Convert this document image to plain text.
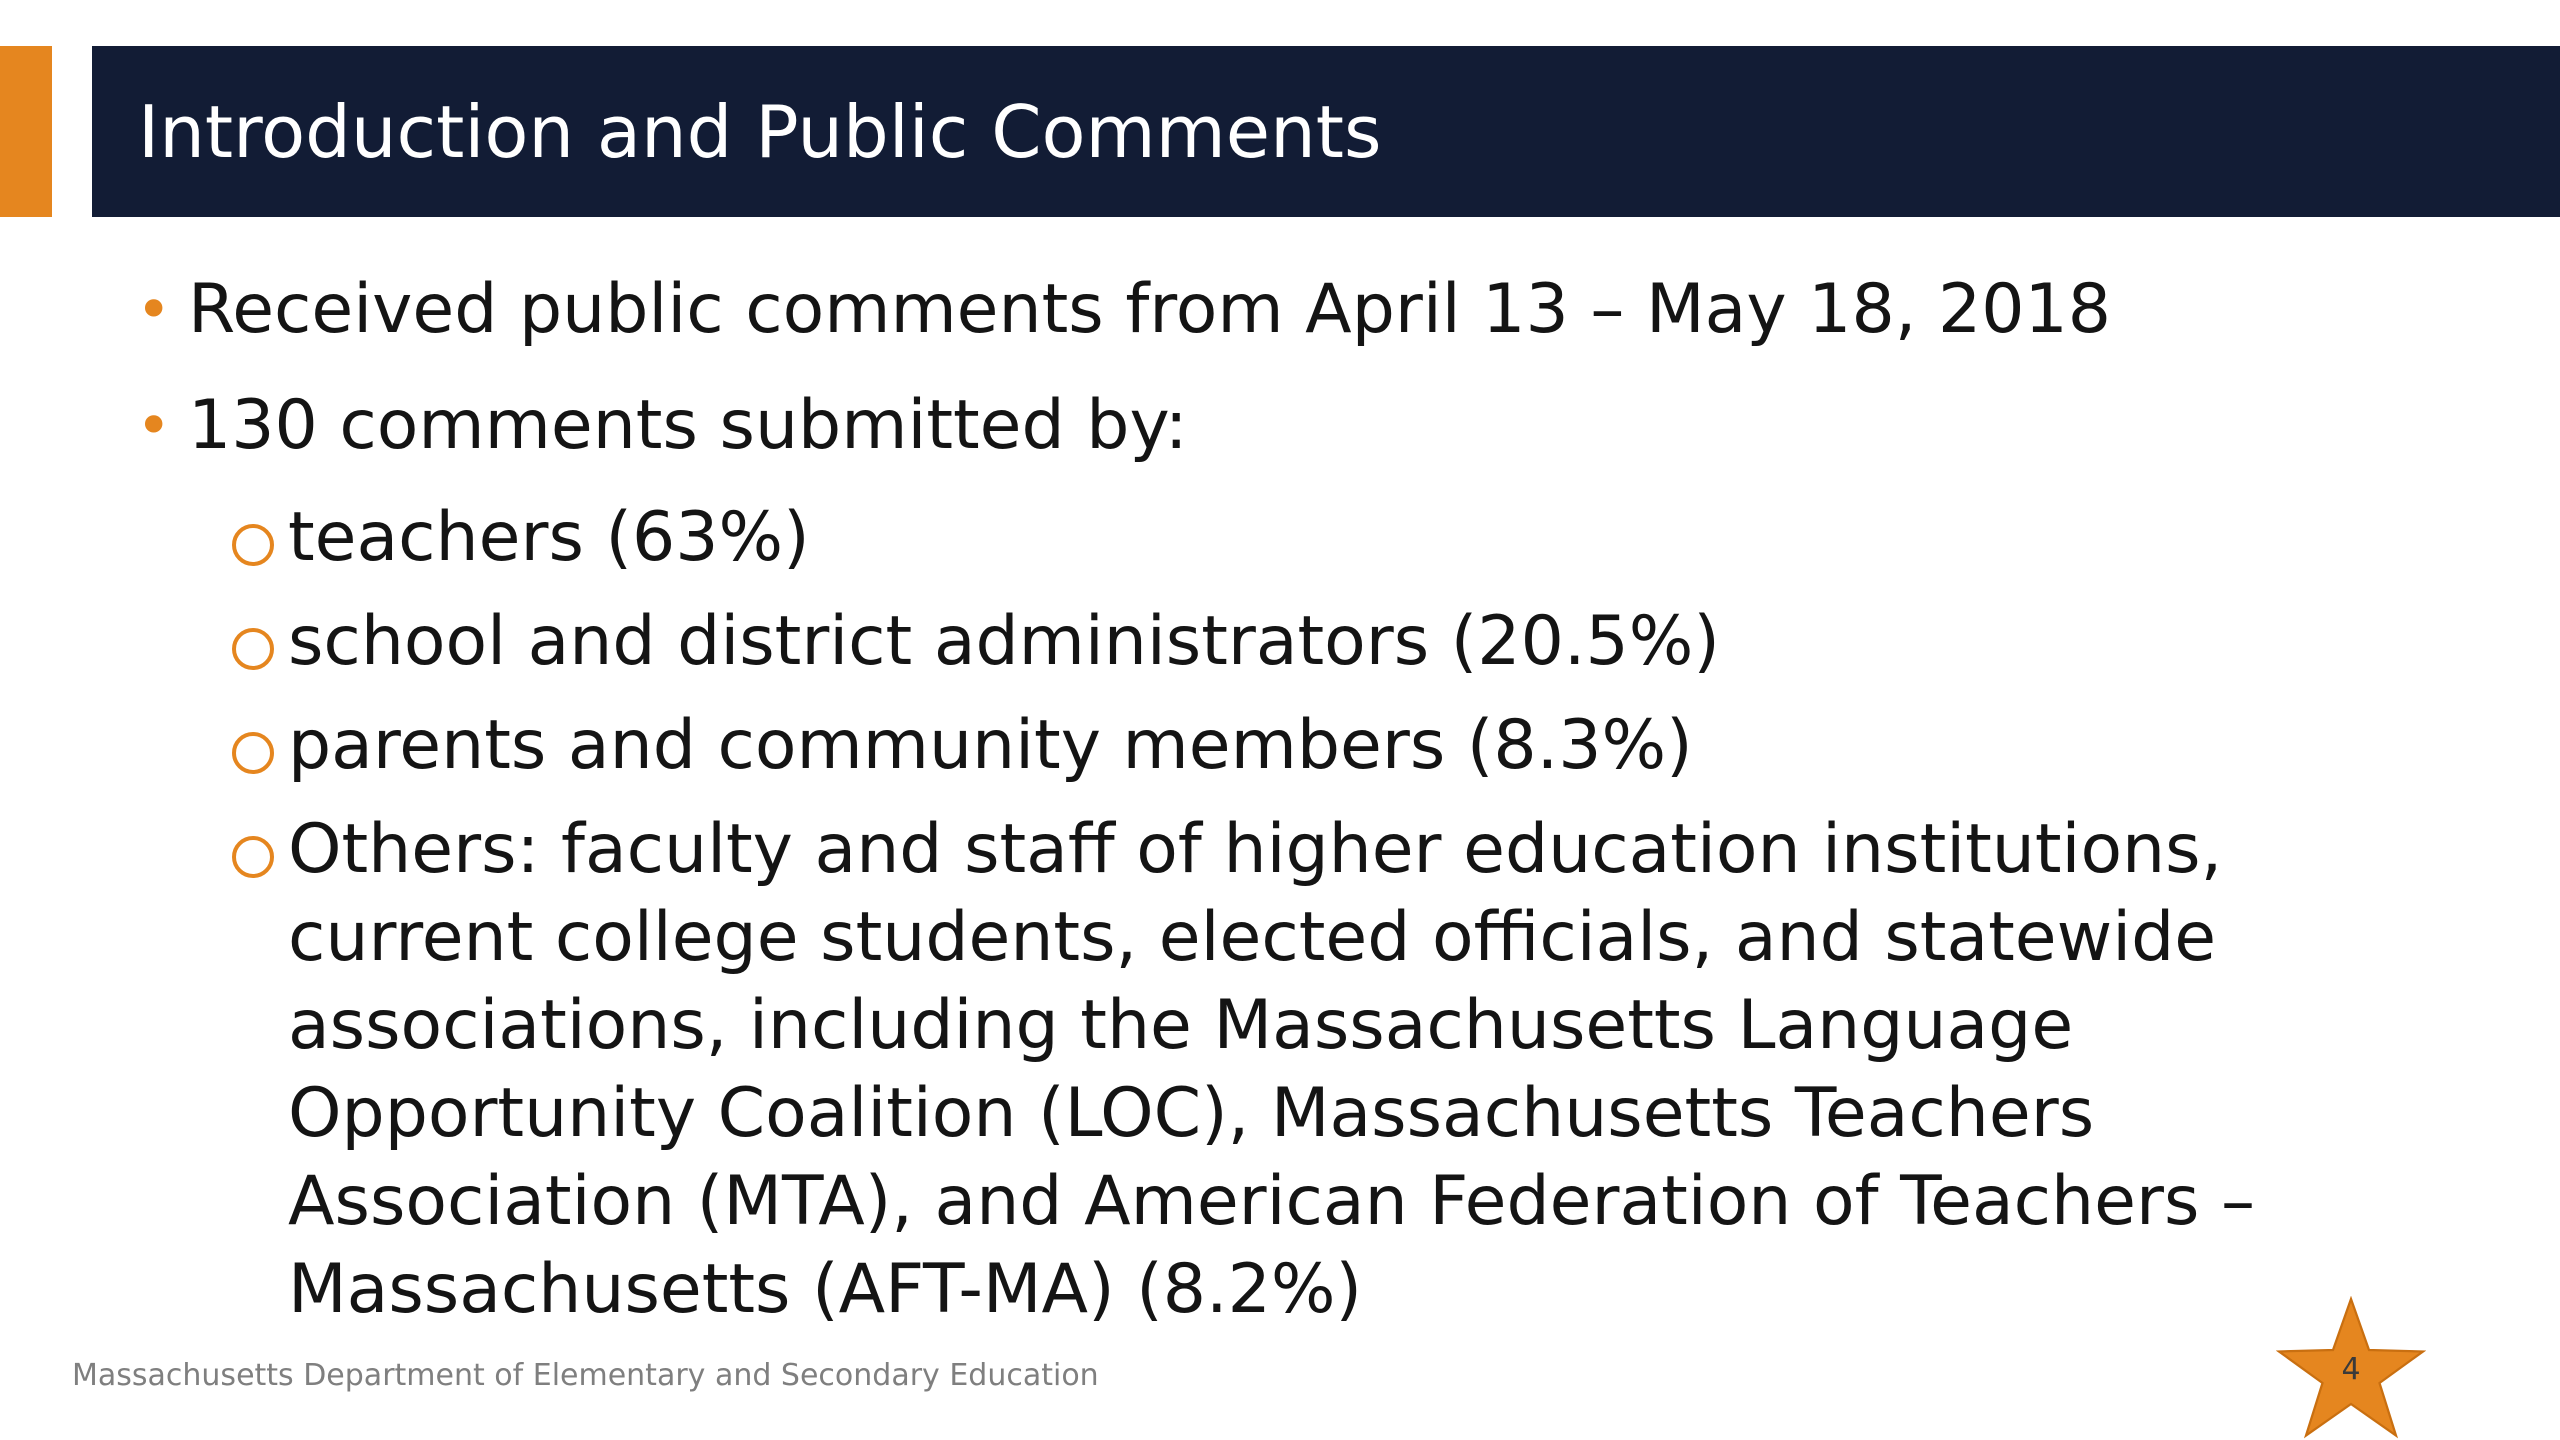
Introduction and Public Comments
• Received public comments from April 13 – May 18, 2018
• 130 comments submitted by:
teachers (63%)
school and district administrators (20.5%)
parents and community members (8.3%)
Others: faculty and staff of higher education institutions, current college students, elected officials, and statewide associations, including the Massachusetts Language Opportunity Coalition (LOC), Massachusetts Teachers Association (MTA), and American Federation of Teachers – Massachusetts (AFT-MA) (8.2%)
Massachusetts Department of Elementary and Secondary Education	4
